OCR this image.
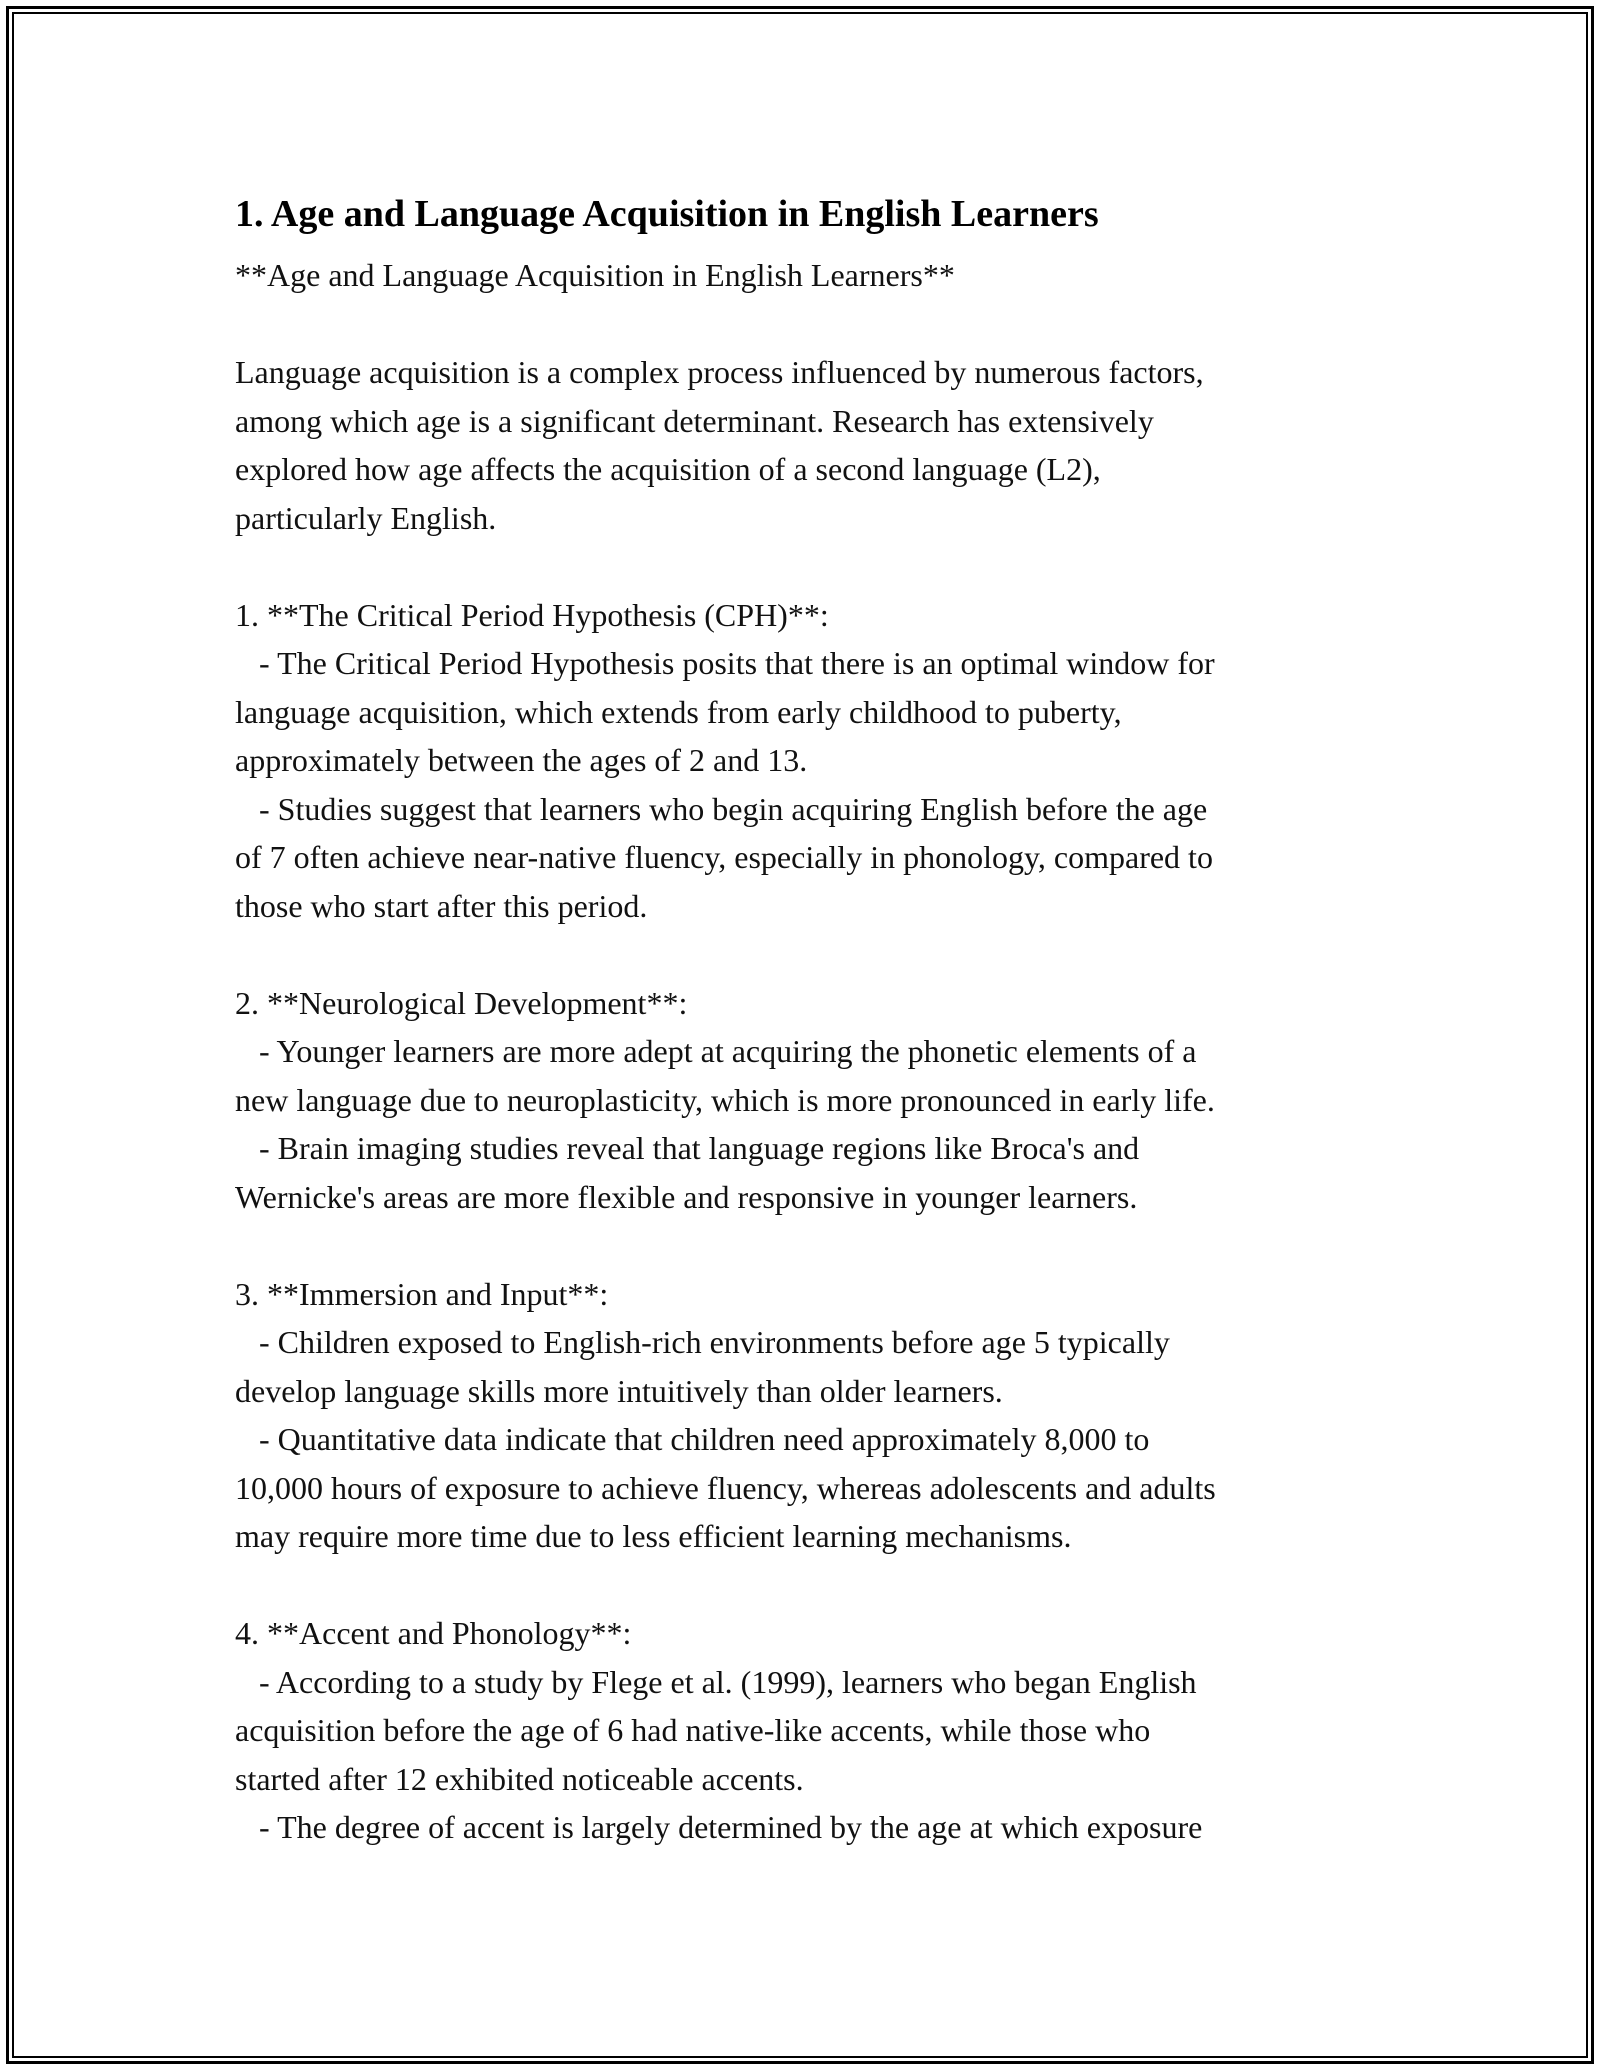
1. Age and Language Acquisition in English Learners

**Age and Language Acquisition in English Learners**

Language acquisition is a complex process influenced by numerous factors,
among which age is a significant determinant. Research has extensively
explored how age affects the acquisition of a second language (L2),
particularly English.

1. **The Critical Period Hypothesis (CPH)**:
- The Critical Period Hypothesis posits that there is an optimal window for
language acquisition, which extends from early childhood to puberty,
approximately between the ages of 2 and 13.
- Studies suggest that learners who begin acquiring English before the age
of 7 often achieve near-native fluency, especially in phonology, compared to
those who start after this period.

2. **Neurological Development**:
- Younger learners are more adept at acquiring the phonetic elements of a
new language due to neuroplasticity, which is more pronounced in early life.
- Brain imaging studies reveal that language regions like Broca's and
Wernicke's areas are more flexible and responsive in younger learners.

3. **Immersion and Input**:
- Children exposed to English-rich environments before age 5 typically
develop language skills more intuitively than older learners.
- Quantitative data indicate that children need approximately 8,000 to
10,000 hours of exposure to achieve fluency, whereas adolescents and adults
may require more time due to less efficient learning mechanisms.

4. **Accent and Phonology**:
- According to a study by Flege et al. (1999), learners who began English
acquisition before the age of 6 had native-like accents, while those who
started after 12 exhibited noticeable accents.
- The degree of accent is largely determined by the age at which exposure
